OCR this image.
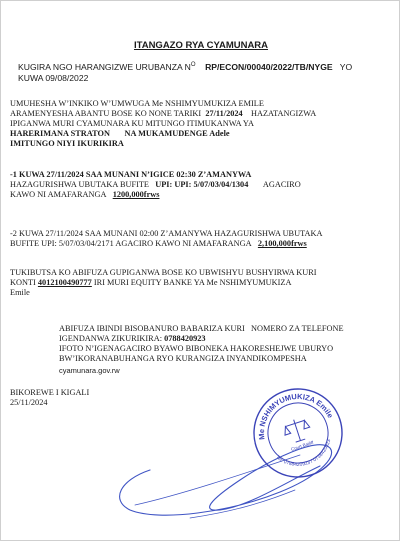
ITANGAZO RYA CYAMUNARA
KUGIRA NGO HARANGIZWE URUBANZA $N^O$ RP/ECON/00040/2022/TB/NYGE YO
KUWA 09/08/2022
UMUHESHA W’INKIKO W’UMWUGA Me NSHIMYUMUKIZA EMILE
ARAMENYESHA ABANTU BOSE KO NONE TARIKI 27/11/2024 HAZATANGIZWA
IPIGANWA MURI CYAMUNARA KU MITUNGO ITIMUKANWA YA
HARERIMANA STRATON NA MUKAMUDENGE Adele
IMITUNGO NIYI IKURIKIRA
-1 KUWA 27/11/2024 SAA MUNANI N’IGICE 02:30 Z’AMANYWA
HAZAGURISHWA UBUTAKA BUFITE UPI: UPI: 5/07/03/04/1304 AGACIRO
KAWO NI AMAFARANGA 1200,000frws
-2 KUWA 27/11/2024 SAA MUNANI 02:00 Z’AMANYWA HAZAGURISHWA UBUTAKA
BUFITE UPI: 5/07/03/04/2171 AGACIRO KAWO NI AMAFARANGA 2,100,000frws
TUKIBUTSA KO ABIFUZA GUPIGANWA BOSE KO UBWISHYU BUSHYIRWA KURI
KONTI 4012100490777 IRI MURI EQUITY BANKE YA Me NSHIMYUMUKIZA
Emile
ABIFUZA IBINDI BISOBANURO BABARIZA KURI NOMERO ZA TELEFONE
IGENDANWA ZIKURIKIRA: 0788420923
IFOTO N’IGENAGACIRO BYAWO BIBONEKA HAKORESHEJWE UBURYO
BW’IKORANABUHANGA RYO KURANGIZA INYANDIKOMPESHA
cyamunara.gov.rw
BIKOREWE I KIGALI
25/11/2024
Me NSHIMYUMUKIZA Emile
Tel: 0788420923 / 0738420923
Court Bailiff
